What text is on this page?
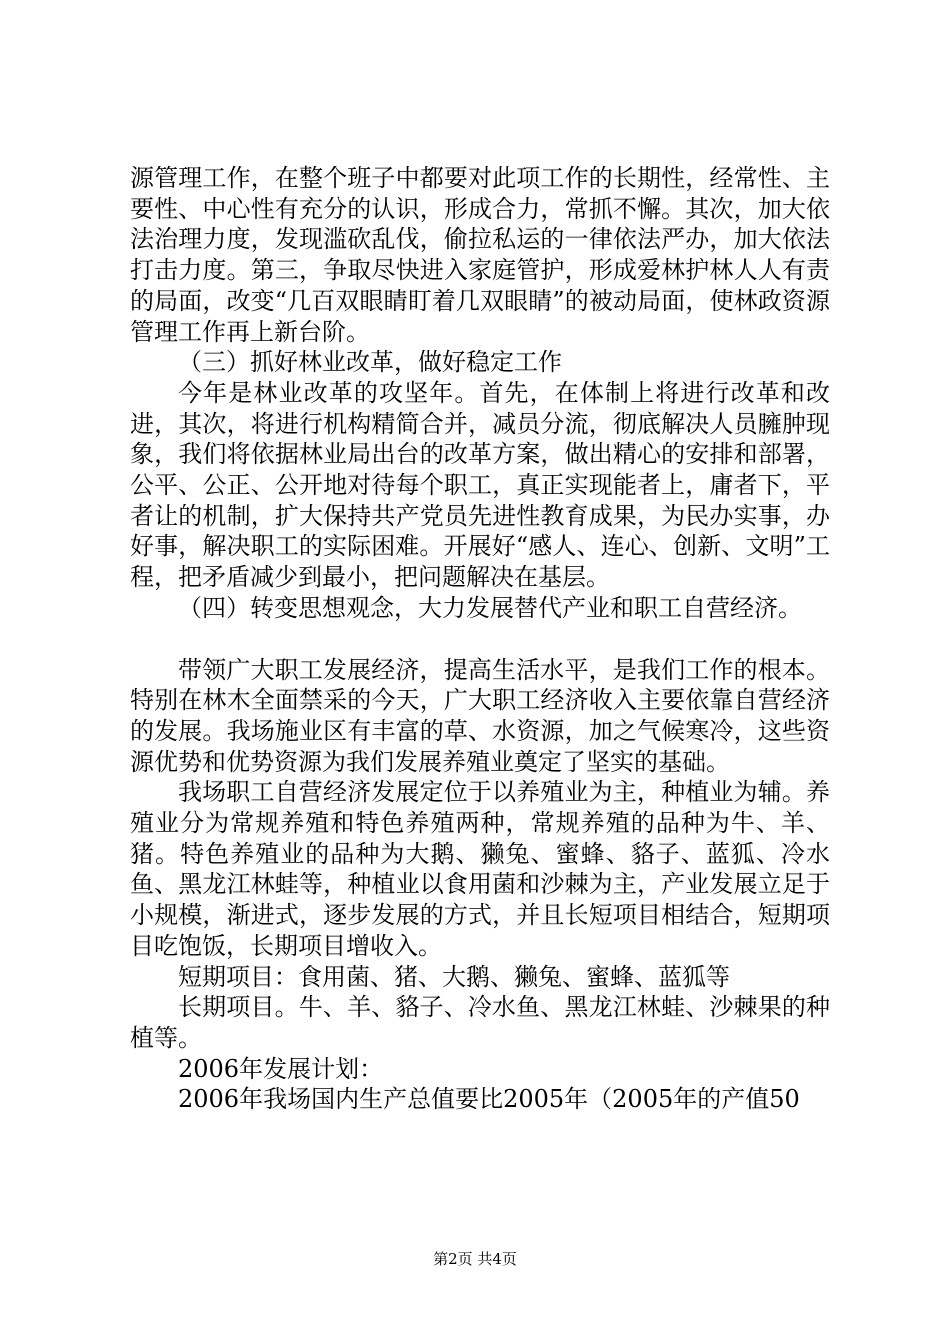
源管理工作，在整个班子中都要对此项工作的长期性，经常性、主要性、中心性有充分的认识，形成合力，常抓不懈。其次，加大依法治理力度，发现滥砍乱伐，偷拉私运的一律依法严办，加大依法打击力度。第三，争取尽快进入家庭管护，形成爱林护林人人有责的局面，改变“几百双眼睛盯着几双眼睛”的被动局面，使林政资源管理工作再上新台阶。

（三）抓好林业改革，做好稳定工作

今年是林业改革的攻坚年。首先，在体制上将进行改革和改进，其次，将进行机构精简合并，减员分流，彻底解决人员臃肿现象，我们将依据林业局出台的改革方案，做出精心的安排和部署，公平、公正、公开地对待每个职工，真正实现能者上，庸者下，平者让的机制，扩大保持共产党员先进性教育成果，为民办实事，办好事，解决职工的实际困难。开展好“感人、连心、创新、文明”工程，把矛盾减少到最小，把问题解决在基层。

（四）转变思想观念，大力发展替代产业和职工自营经济。

带领广大职工发展经济，提高生活水平，是我们工作的根本。特别在林木全面禁采的今天，广大职工经济收入主要依靠自营经济的发展。我场施业区有丰富的草、水资源，加之气候寒冷，这些资源优势和优势资源为我们发展养殖业奠定了坚实的基础。

我场职工自营经济发展定位于以养殖业为主，种植业为辅。养殖业分为常规养殖和特色养殖两种，常规养殖的品种为牛、羊、猪。特色养殖业的品种为大鹅、獭兔、蜜蜂、貉子、蓝狐、冷水鱼、黑龙江林蛙等，种植业以食用菌和沙棘为主，产业发展立足于小规模，渐进式，逐步发展的方式，并且长短项目相结合，短期项目吃饱饭，长期项目增收入。

短期项目：食用菌、猪、大鹅、獭兔、蜜蜂、蓝狐等

长期项目。牛、羊、貉子、冷水鱼、黑龙江林蛙、沙棘果的种植等。

2006年发展计划：

2006年我场国内生产总值要比2005年（2005年的产值50

第2页 共4页
